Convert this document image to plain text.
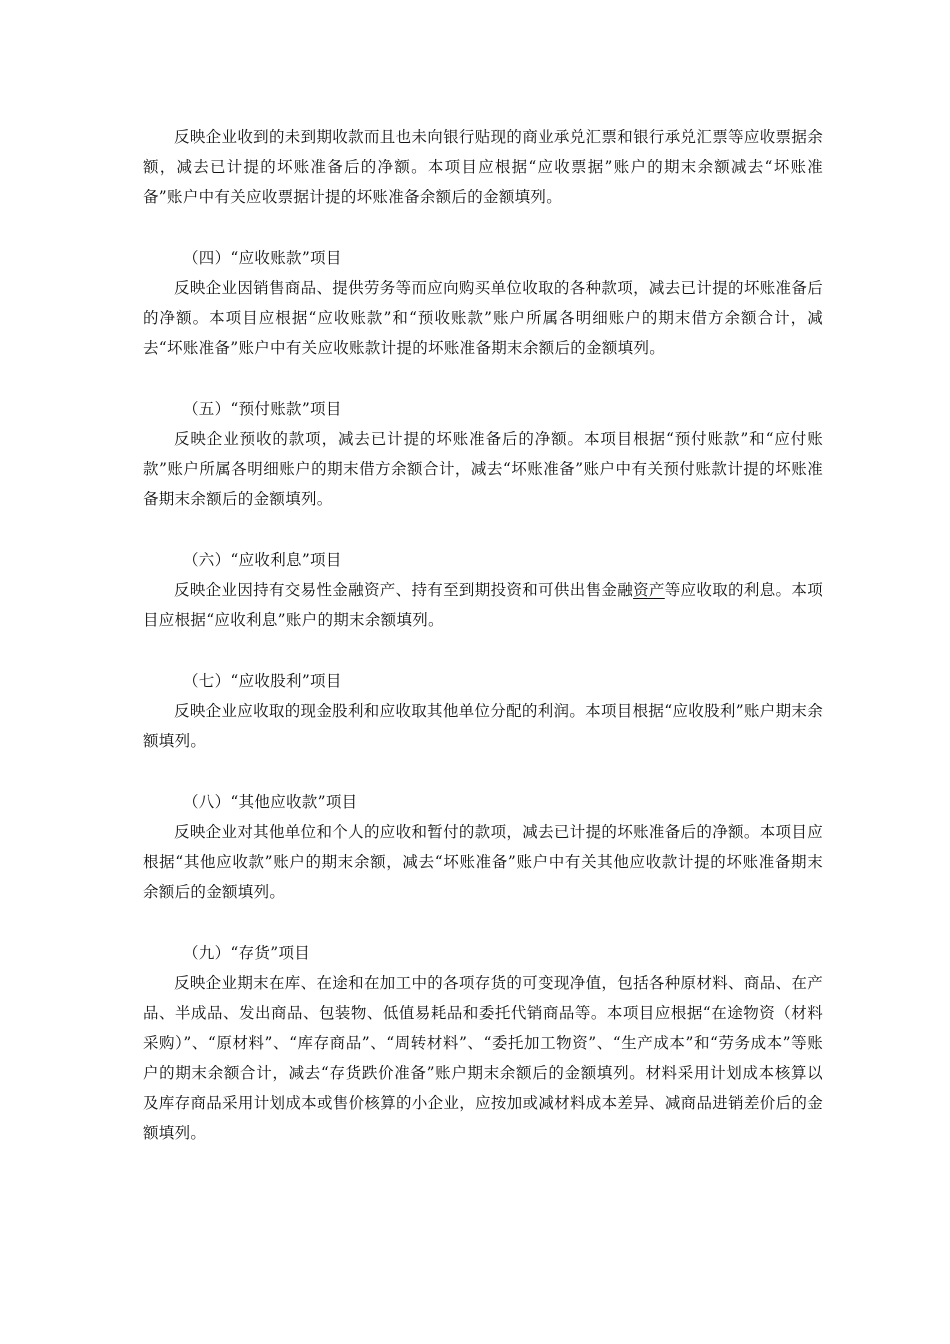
反映企业收到的未到期收款而且也未向银行贴现的商业承兑汇票和银行承兑汇票等应收票据余额，减去已计提的坏账准备后的净额。本项目应根据“应收票据”账户的期末余额减去“坏账准备”账户中有关应收票据计提的坏账准备余额后的金额填列。

（四）“应收账款”项目

反映企业因销售商品、提供劳务等而应向购买单位收取的各种款项，减去已计提的坏账准备后的净额。本项目应根据“应收账款”和“预收账款”账户所属各明细账户的期末借方余额合计，减去“坏账准备”账户中有关应收账款计提的坏账准备期末余额后的金额填列。

（五）“预付账款”项目

反映企业预收的款项，减去已计提的坏账准备后的净额。本项目根据“预付账款”和“应付账款”账户所属各明细账户的期末借方余额合计，减去“坏账准备”账户中有关预付账款计提的坏账准备期末余额后的金额填列。

（六）“应收利息”项目

反映企业因持有交易性金融资产、持有至到期投资和可供出售金融资产等应收取的利息。本项目应根据“应收利息”账户的期末余额填列。

（七）“应收股利”项目

反映企业应收取的现金股利和应收取其他单位分配的利润。本项目根据“应收股利”账户期末余额填列。

（八）“其他应收款”项目

反映企业对其他单位和个人的应收和暂付的款项，减去已计提的坏账准备后的净额。本项目应根据“其他应收款”账户的期末余额，减去“坏账准备”账户中有关其他应收款计提的坏账准备期末余额后的金额填列。

（九）“存货”项目

反映企业期末在库、在途和在加工中的各项存货的可变现净值，包括各种原材料、商品、在产品、半成品、发出商品、包装物、低值易耗品和委托代销商品等。本项目应根据“在途物资（材料采购）”、“原材料”、“库存商品”、“周转材料”、“委托加工物资”、“生产成本”和“劳务成本”等账户的期末余额合计，减去“存货跌价准备”账户期末余额后的金额填列。材料采用计划成本核算以及库存商品采用计划成本或售价核算的小企业，应按加或减材料成本差异、减商品进销差价后的金额填列。
